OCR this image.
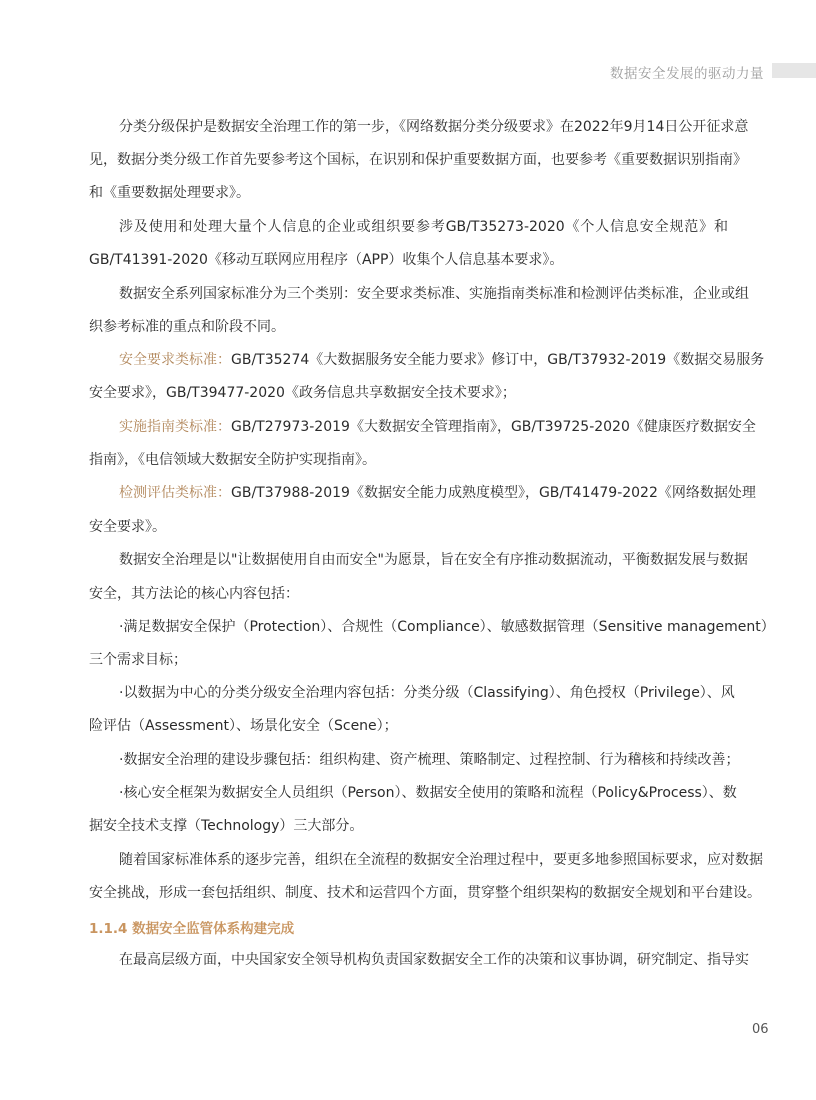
数据安全发展的驱动力量
分类分级保护是数据安全治理工作的第一步，《网络数据分类分级要求》在2022年9月14日公开征求意
见，数据分类分级工作首先要参考这个国标，在识别和保护重要数据方面，也要参考《重要数据识别指南》
和《重要数据处理要求》。
涉及使用和处理大量个人信息的企业或组织要参考GB/T35273-2020《个人信息安全规范》和
GB/T41391-2020《移动互联网应用程序（APP）收集个人信息基本要求》。
数据安全系列国家标准分为三个类别：安全要求类标准、实施指南类标准和检测评估类标准，企业或组
织参考标准的重点和阶段不同。
安全要求类标准：GB/T35274《大数据服务安全能力要求》修订中，GB/T37932-2019《数据交易服务
安全要求》，GB/T39477-2020《政务信息共享数据安全技术要求》；
实施指南类标准：GB/T27973-2019《大数据安全管理指南》，GB/T39725-2020《健康医疗数据安全
指南》，《电信领域大数据安全防护实现指南》。
检测评估类标准：GB/T37988-2019《数据安全能力成熟度模型》，GB/T41479-2022《网络数据处理
安全要求》。
数据安全治理是以"让数据使用自由而安全"为愿景，旨在安全有序推动数据流动，平衡数据发展与数据
安全，其方法论的核心内容包括：
·满足数据安全保护（Protection）、合规性（Compliance）、敏感数据管理（Sensitive management）
三个需求目标；
·以数据为中心的分类分级安全治理内容包括：分类分级（Classifying）、角色授权（Privilege）、风
险评估（Assessment）、场景化安全（Scene）；
·数据安全治理的建设步骤包括：组织构建、资产梳理、策略制定、过程控制、行为稽核和持续改善；
·核心安全框架为数据安全人员组织（Person）、数据安全使用的策略和流程（Policy&Process）、数
据安全技术支撑（Technology）三大部分。
随着国家标准体系的逐步完善，组织在全流程的数据安全治理过程中，要更多地参照国标要求，应对数据
安全挑战，形成一套包括组织、制度、技术和运营四个方面，贯穿整个组织架构的数据安全规划和平台建设。
1.1.4 数据安全监管体系构建完成
在最高层级方面，中央国家安全领导机构负责国家数据安全工作的决策和议事协调，研究制定、指导实
06
